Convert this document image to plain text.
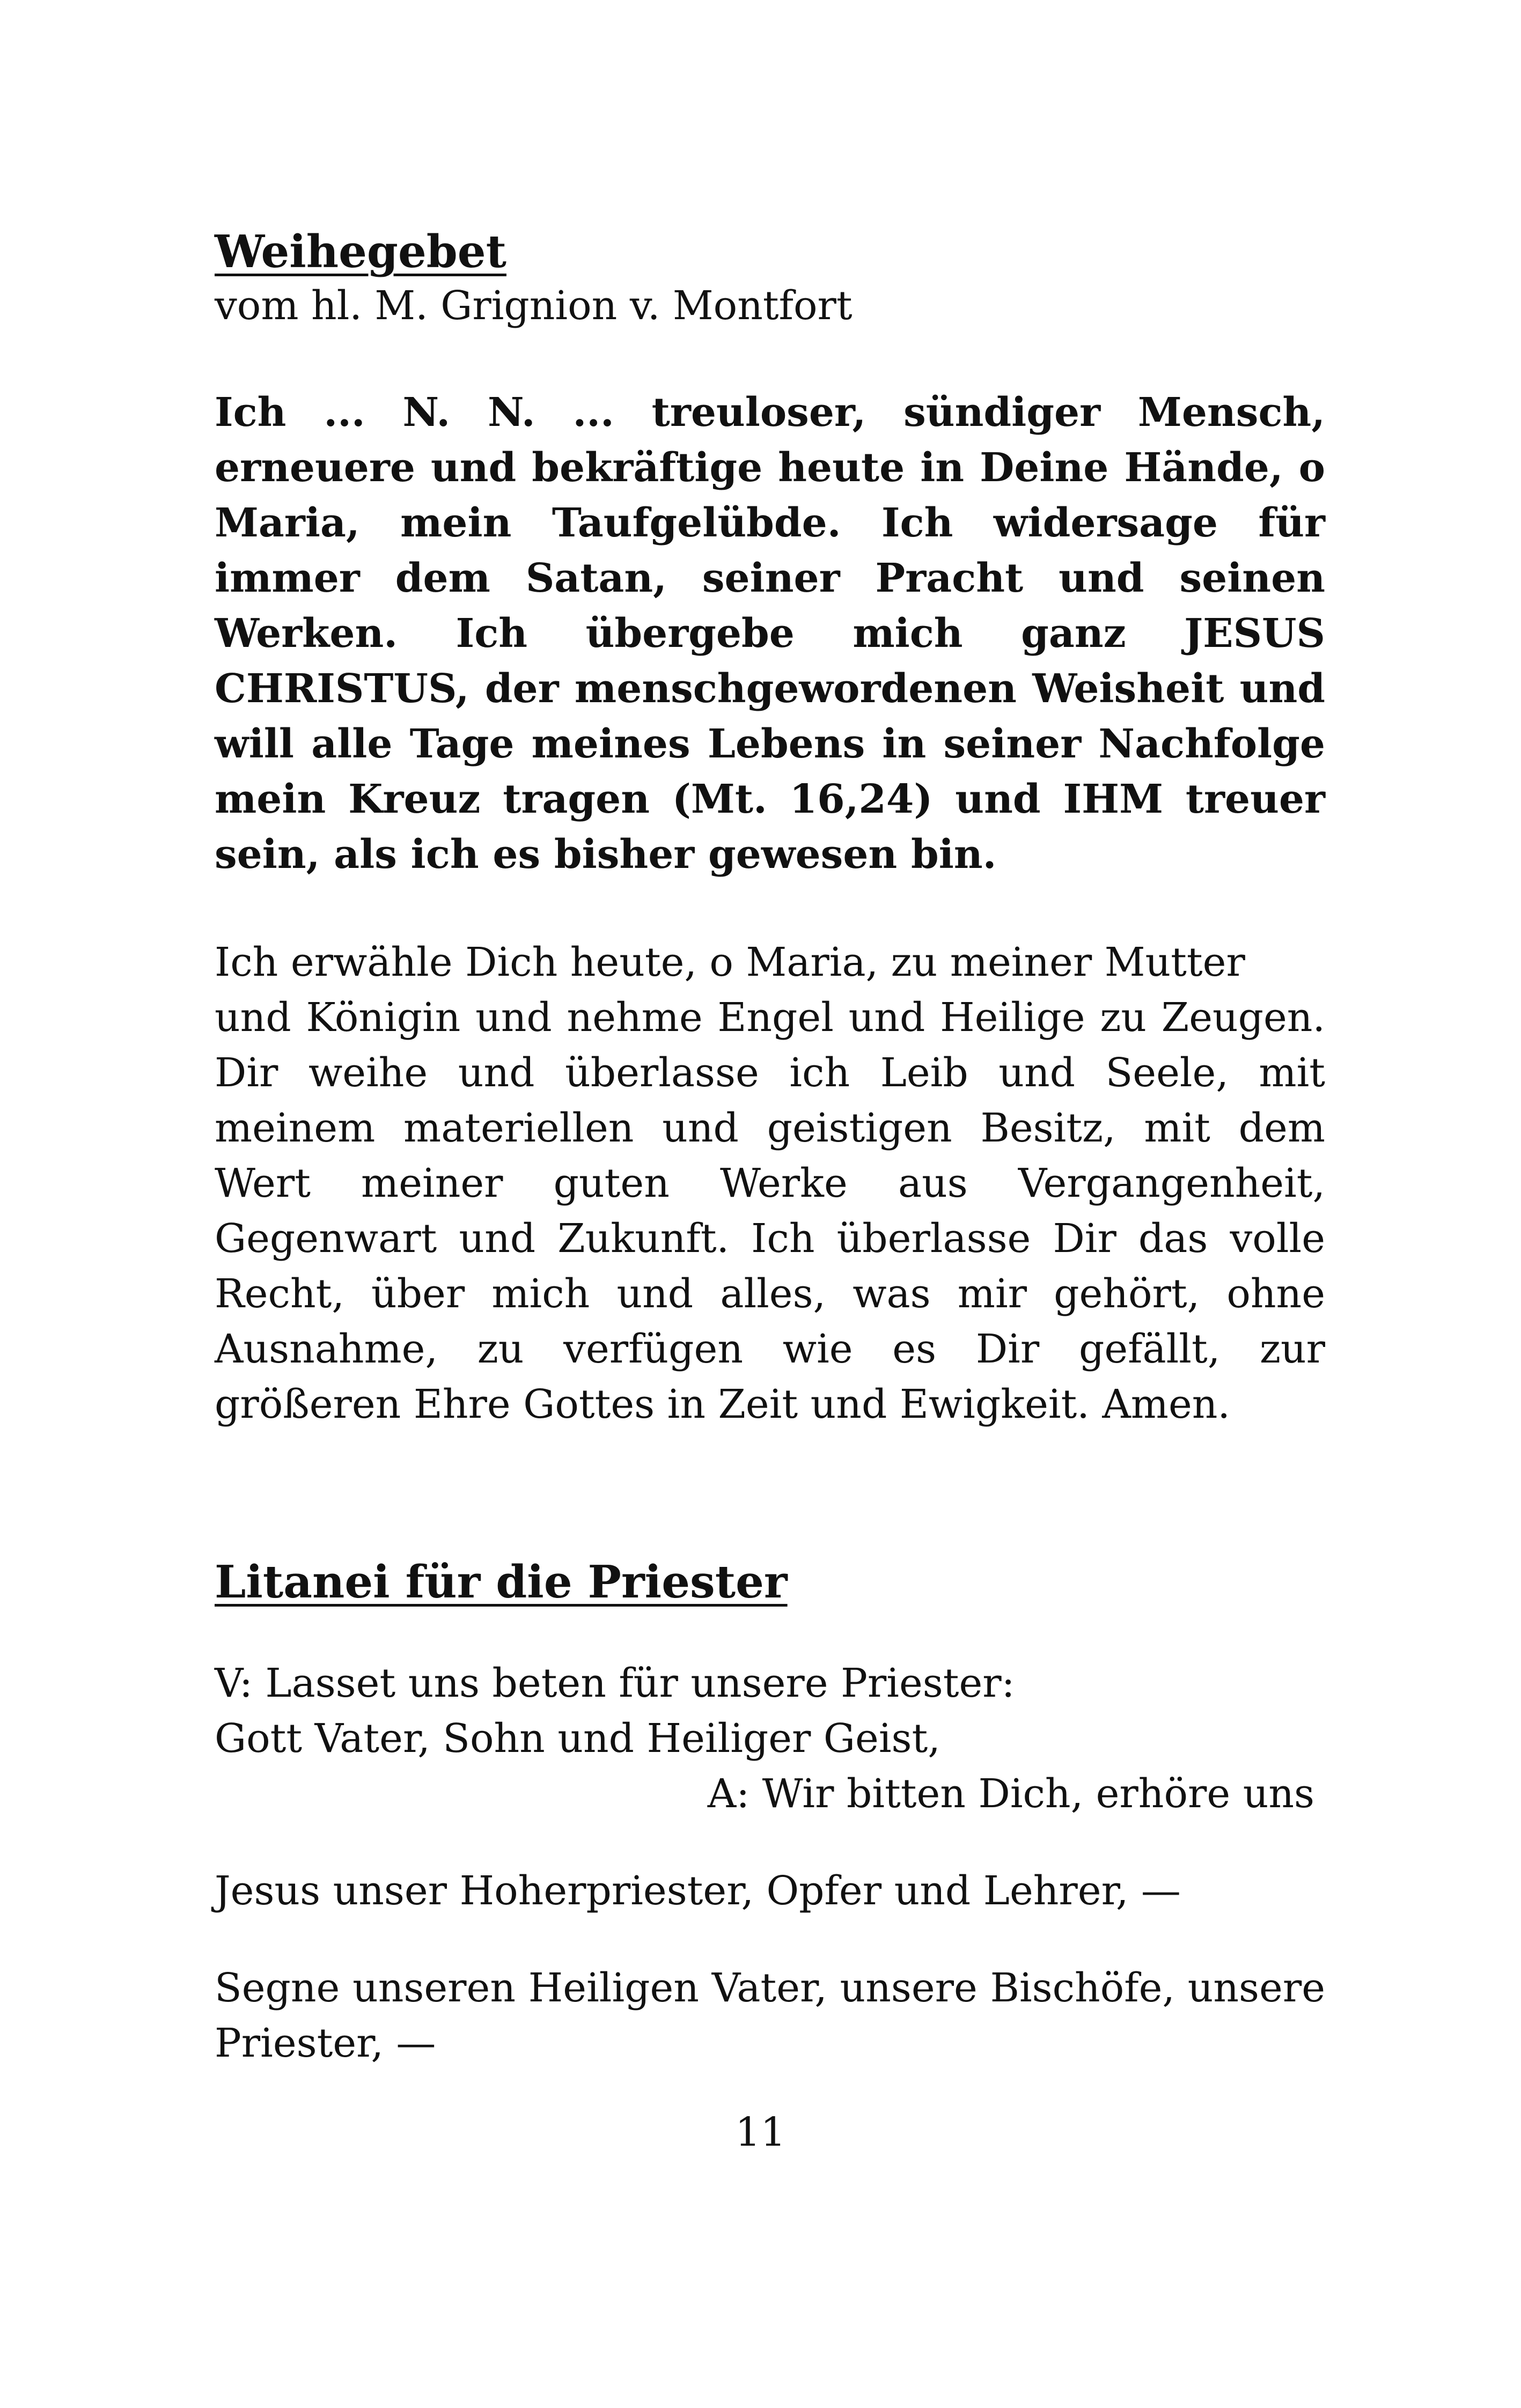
Weihegebet

vom hl. M. Grignion v. Montfort

Ich ... N. N. ... treuloser, sündiger Mensch, erneuere und bekräftige heute in Deine Hände, o Maria, mein Taufgelübde. Ich widersage für immer dem Satan, seiner Pracht und seinen Werken. Ich übergebe mich ganz JESUS CHRISTUS, der menschgewordenen Weisheit und will alle Tage meines Lebens in seiner Nachfolge mein Kreuz tragen (Mt. 16,24) und IHM treuer sein, als ich es bisher gewesen bin.

Ich erwähle Dich heute, o Maria, zu meiner Mutter

und Königin und nehme Engel und Heilige zu Zeugen. Dir weihe und überlasse ich Leib und Seele, mit meinem materiellen und geistigen Besitz, mit dem Wert meiner guten Werke aus Vergangenheit, Gegenwart und Zukunft. Ich überlasse Dir das volle Recht, über mich und alles, was mir gehört, ohne Ausnahme, zu verfügen wie es Dir gefällt, zur größeren Ehre Gottes in Zeit und Ewigkeit. Amen.

Litanei für die Priester

V: Lasset uns beten für unsere Priester:

Gott Vater, Sohn und Heiliger Geist,

A: Wir bitten Dich, erhöre uns

Jesus unser Hoherpriester, Opfer und Lehrer, —

Segne unseren Heiligen Vater, unsere Bischöfe, unsere Priester, —

11
